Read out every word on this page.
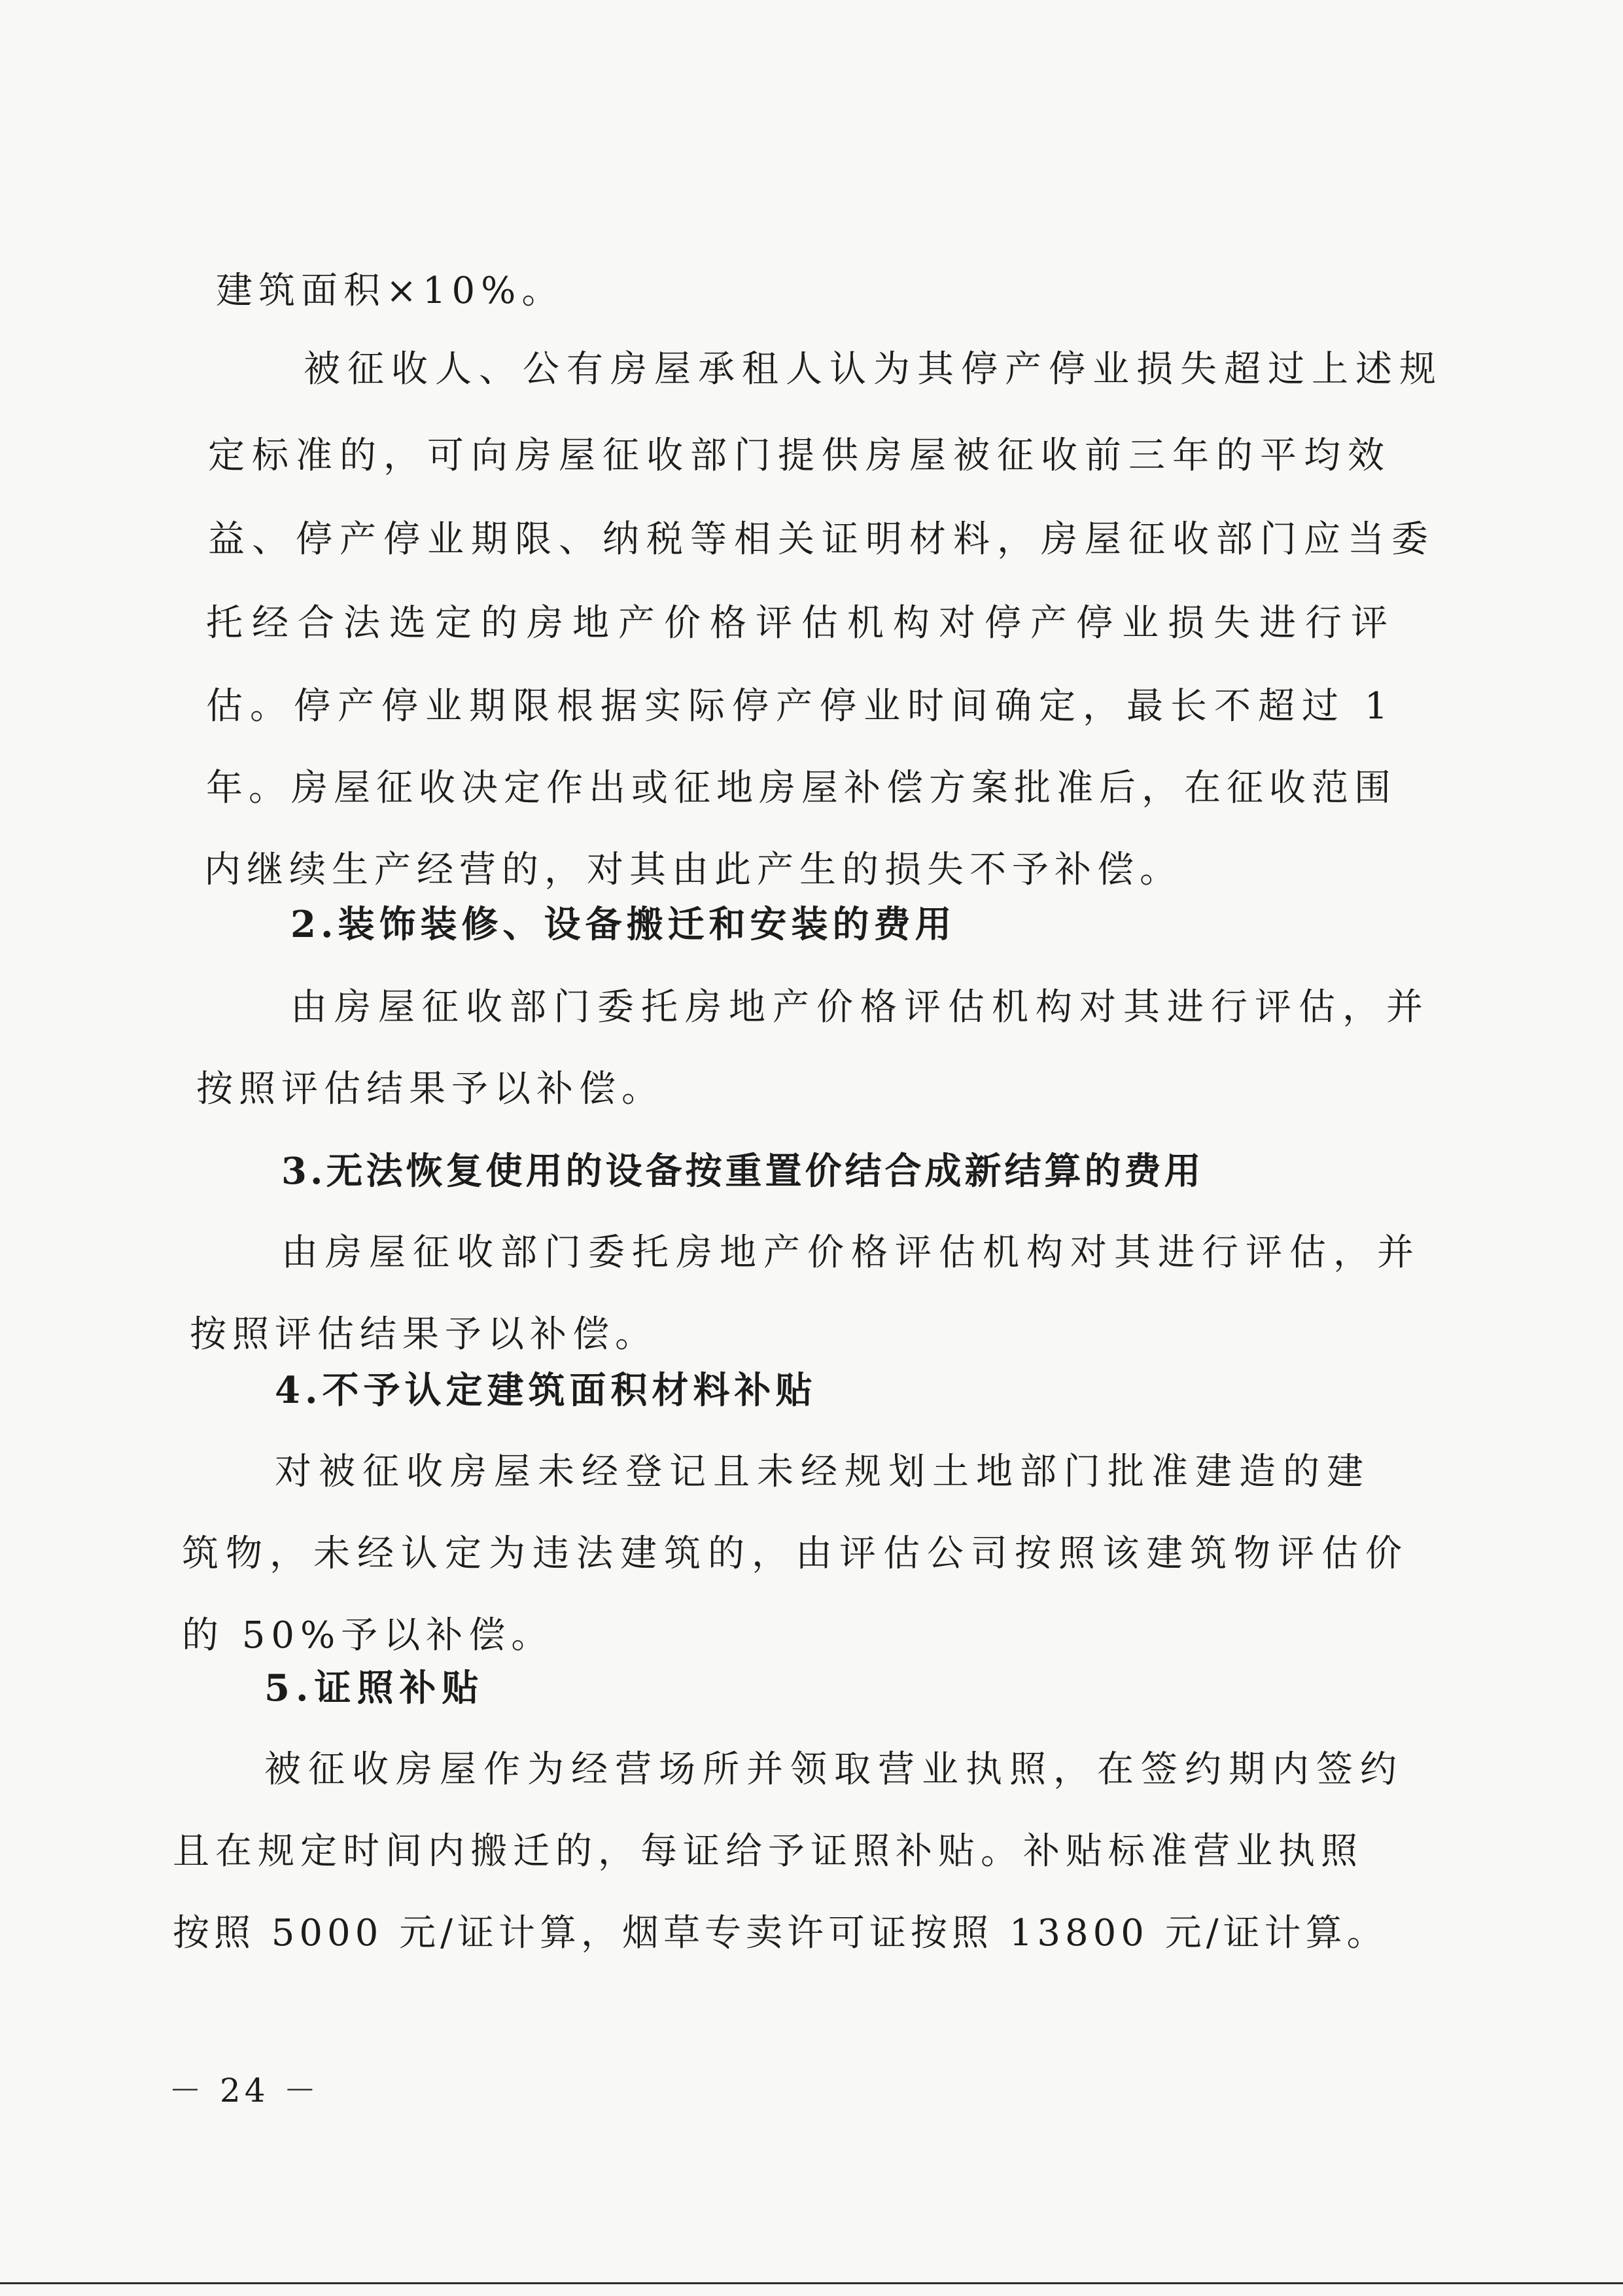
建筑面积×10%。
被征收人、公有房屋承租人认为其停产停业损失超过上述规
定标准的，可向房屋征收部门提供房屋被征收前三年的平均效
益、停产停业期限、纳税等相关证明材料，房屋征收部门应当委
托经合法选定的房地产价格评估机构对停产停业损失进行评
估。停产停业期限根据实际停产停业时间确定，最长不超过 1
年。房屋征收决定作出或征地房屋补偿方案批准后，在征收范围
内继续生产经营的，对其由此产生的损失不予补偿。
2.装饰装修、设备搬迁和安装的费用
由房屋征收部门委托房地产价格评估机构对其进行评估，并
按照评估结果予以补偿。
3.无法恢复使用的设备按重置价结合成新结算的费用
由房屋征收部门委托房地产价格评估机构对其进行评估，并
按照评估结果予以补偿。
4.不予认定建筑面积材料补贴
对被征收房屋未经登记且未经规划土地部门批准建造的建
筑物，未经认定为违法建筑的，由评估公司按照该建筑物评估价
的 50%予以补偿。
5.证照补贴
被征收房屋作为经营场所并领取营业执照，在签约期内签约
且在规定时间内搬迁的，每证给予证照补贴。补贴标准营业执照
按照 5000 元/证计算，烟草专卖许可证按照 13800 元/证计算。
－ 24 －
